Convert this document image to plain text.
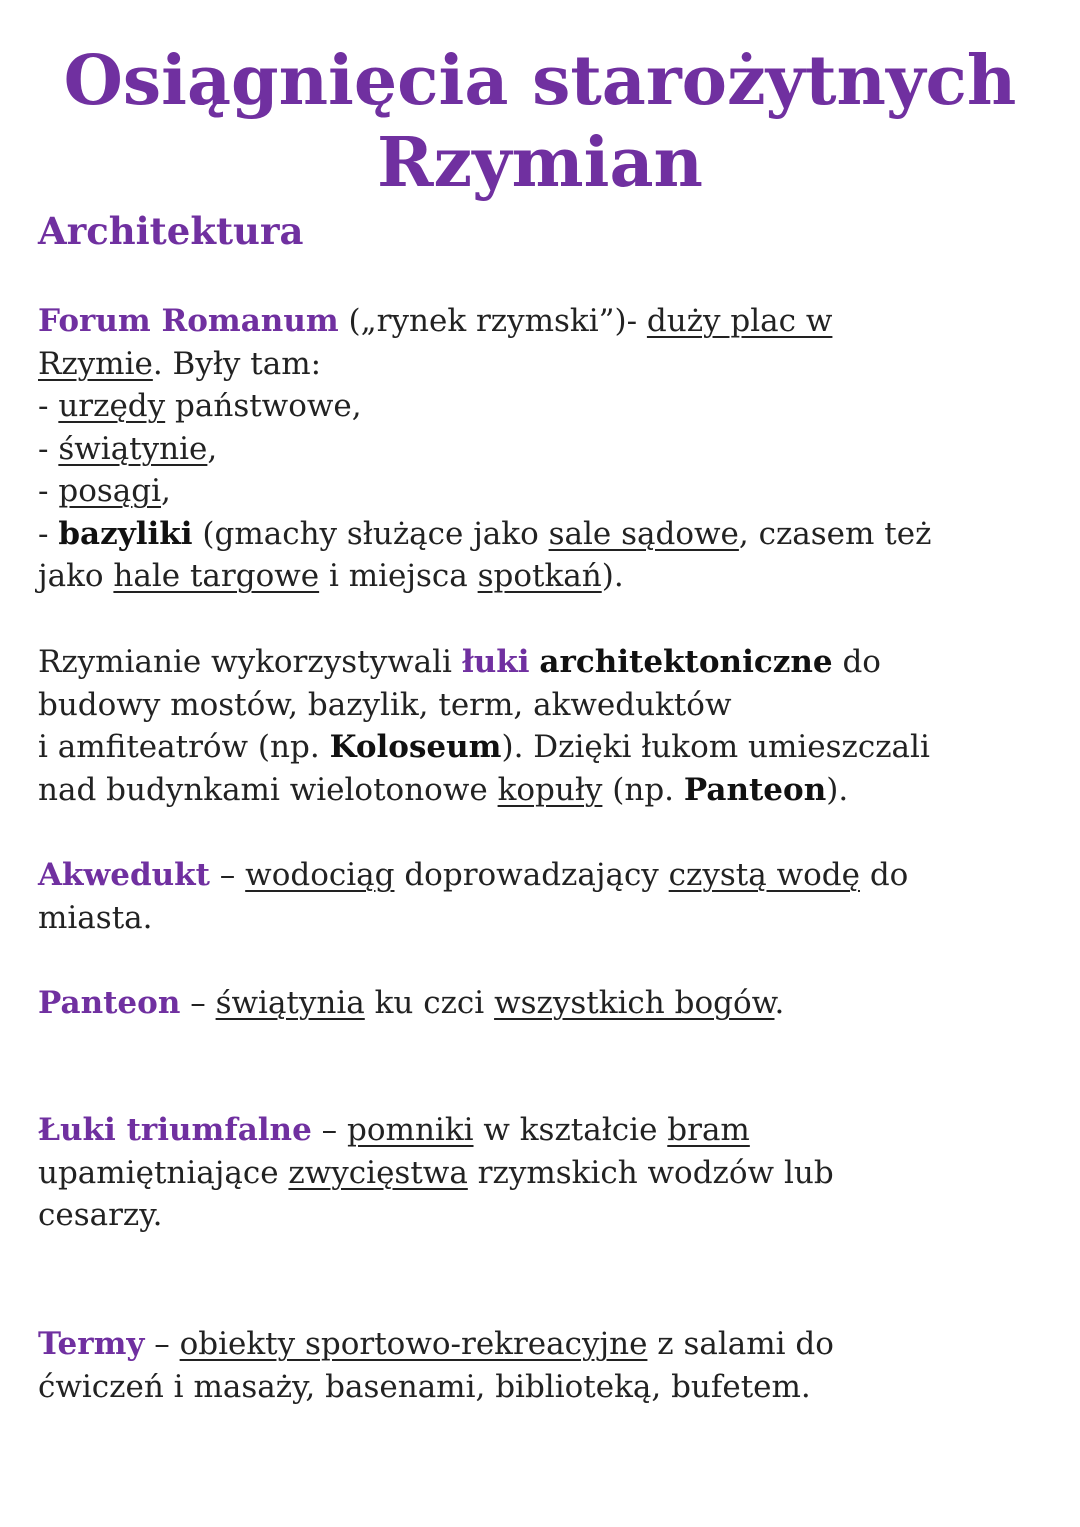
Osiągnięcia starożytnych
Rzymian
Architektura
Forum Romanum („rynek rzymski”)- duży plac w
Rzymie. Były tam:
- urzędy państwowe,
- świątynie,
- posągi,
- bazyliki (gmachy służące jako sale sądowe, czasem też
jako hale targowe i miejsca spotkań).
Rzymianie wykorzystywali łuki architektoniczne do
budowy mostów, bazylik, term, akweduktów
i amfiteatrów (np. Koloseum). Dzięki łukom umieszczali
nad budynkami wielotonowe kopuły (np. Panteon).
Akwedukt – wodociąg doprowadzający czystą wodę do
miasta.
Panteon – świątynia ku czci wszystkich bogów.
Łuki triumfalne – pomniki w kształcie bram
upamiętniające zwycięstwa rzymskich wodzów lub
cesarzy.
Termy – obiekty sportowo-rekreacyjne z salami do
ćwiczeń i masaży, basenami, biblioteką, bufetem.
